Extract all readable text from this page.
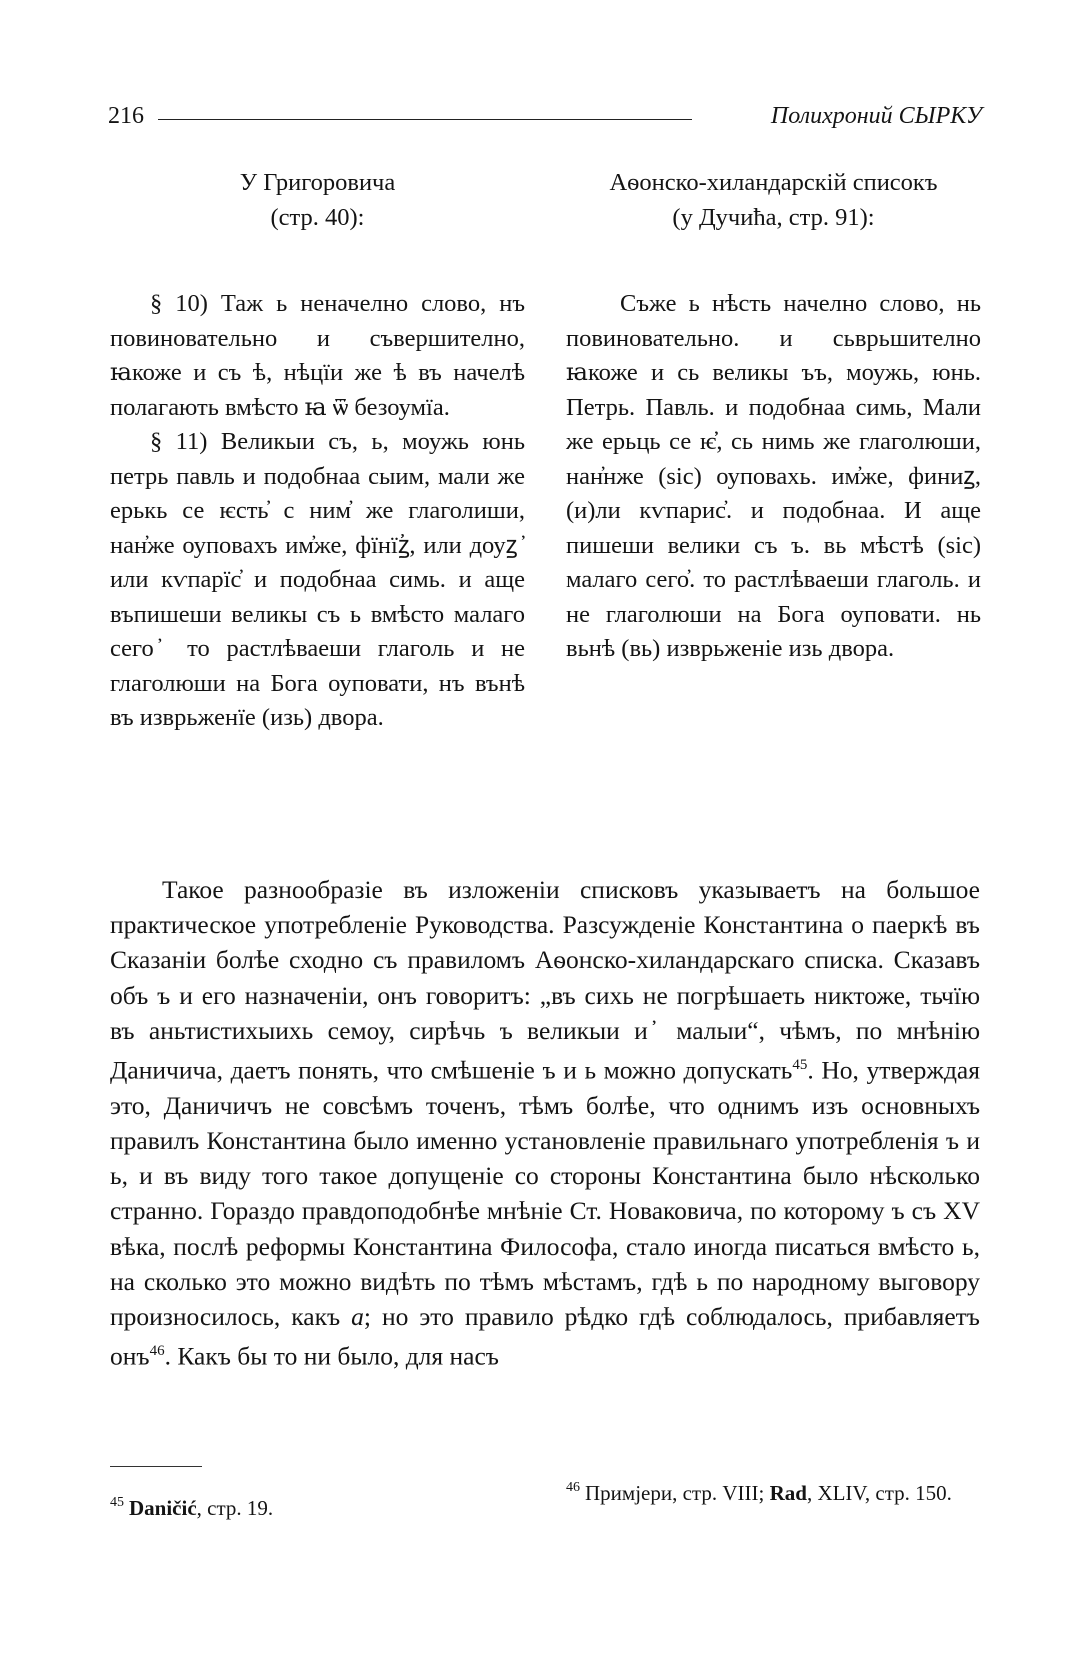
216	Полихроний СЫРКУ
У Григоровича
(стр. 40):

§ 10) Таж ь неначелно слово, нъ повиновательно и съвершително, ꙗкоже и съ ѣ, нѣцїи же ѣ въ начелѣ полагають вмѣсто ꙗ ѿ безоумїа.

§ 11) Великыи съ, ь, моужь юнь петрь павль и подобнаа сыим, мали же ерькь се ѥсть҆ с ним҆ же глаголиши, нан҆же оуповахъ им҆же, фїнїꙁ҆, или доуꙁ ҆ или кѵпарїс҆ и подобнаа симь. и аще въпишеши великы съ ь вмѣсто малаго сего ҆ то растлѣваеши глаголь и не глаголюши на Бога оуповати, нъ вънѣ въ изврьженїе (изь) двора.

Аѳонско-хиландарскій списокъ
(у Дучића, стр. 91):

Съже ь нѣсть начелно слово, нь повиновательно. и сьврьшително ꙗкоже и сь великы ъъ, моужь, юнь. Петрь. Павль. и подобнаа симь, Мали же ерьць се ѥ҆҆, сь нимь же глаголюши, нан҆нже (sic) оуповахь. им҆же, финиꙁ, (и)ли кѵпарис҆. и подобнаа. И аще пишеши велики съ ъ. вь мѣстѣ (sic) малаго сего҆. то растлѣваеши глаголь. и не глаголюши на Бога оуповати. нь вьнѣ (вь) изврьженіе изь двора.

Такое разнообразіе въ изложеніи списковъ указываетъ на большое практическое употребленіе Руководства. Разсужденіе Константина о паеркѣ въ Сказаніи болѣе сходно съ правиломъ Аѳонско-хиландарскаго списка. Сказавъ объ ъ и его назначеніи, онъ говоритъ: „въ сихь не погрѣшаеть никтоже, тьчїю въ аньтистихыихь семоу, сирѣчь ъ великыи и ҆ малыи“, чѣмъ, по мнѣнію Даничича, даетъ понять, что смѣшеніе ъ и ь можно допускать$^{45}$. Но, утверждая это, Даничичъ не совсѣмъ точенъ, тѣмъ болѣе, что однимъ изъ основныхъ правилъ Константина было именно установленіе правильнаго употребленія ъ и ь, и въ виду того такое допущеніе со стороны Константина было нѣсколько странно. Гораздо правдоподобнѣе мнѣніе Ст. Новаковича, по которому ъ съ XV вѣка, послѣ реформы Константина Философа, стало иногда писаться вмѣсто ь, на сколько это можно видѣть по тѣмъ мѣстамъ, гдѣ ь по народному выговору произносилось, какъ а; но это правило рѣдко гдѣ соблюдалось, прибавляетъ онъ$^{46}$. Какъ бы то ни было, для насъ

$^{45}$ Daničić, стр. 19.
$^{46}$ Примјери, стр. VIII; Rad, XLIV, стр. 150.
